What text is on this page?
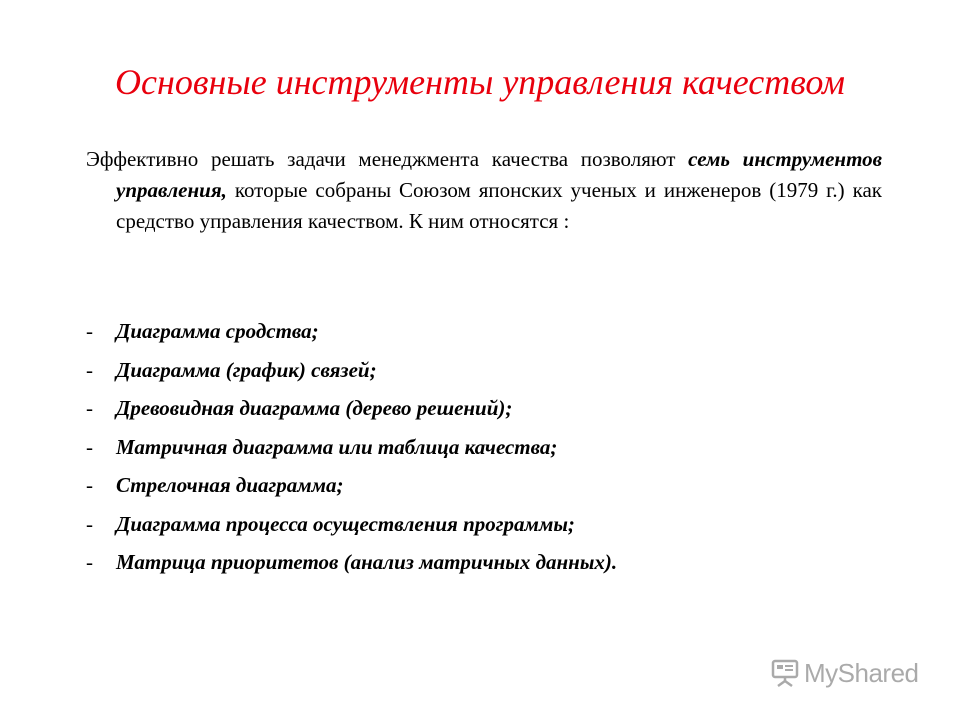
Основные инструменты управления качеством

Эффективно решать задачи менеджмента качества позволяют семь инструментов управления, которые собраны Союзом японских ученых и инженеров (1979 г.) как средство управления качеством. К ним относятся :

- Диаграмма сродства;
- Диаграмма (график) связей;
- Древовидная диаграмма (дерево решений);
- Матричная диаграмма или таблица качества;
- Стрелочная диаграмма;
- Диаграмма процесса осуществления программы;
- Матрица приоритетов (анализ матричных данных).
MyShared
